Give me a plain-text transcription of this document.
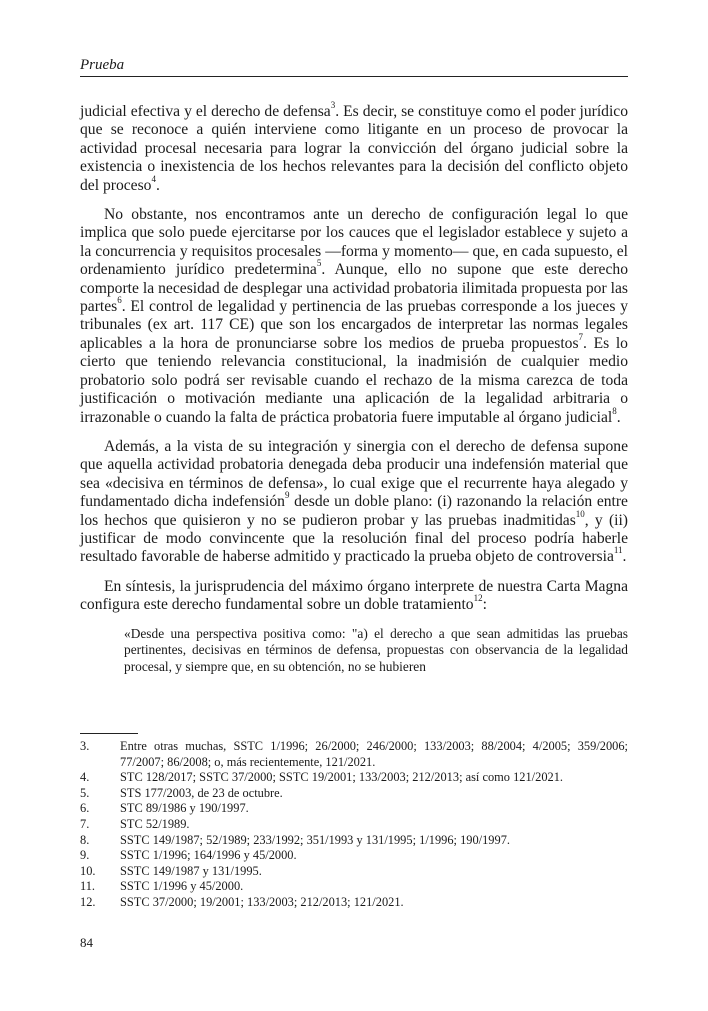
Prueba

judicial efectiva y el derecho de defensa$^3$. Es decir, se constituye como el poder jurídico que se reconoce a quién interviene como litigante en un proceso de provocar la actividad procesal necesaria para lograr la convicción del órgano judicial sobre la existencia o inexistencia de los hechos relevantes para la decisión del conflicto objeto del proceso$^4$.

No obstante, nos encontramos ante un derecho de configuración legal lo que implica que solo puede ejercitarse por los cauces que el legislador establece y sujeto a la concurrencia y requisitos procesales —forma y momento— que, en cada supuesto, el ordenamiento jurídico predetermina$^5$. Aunque, ello no supone que este derecho comporte la necesidad de desplegar una actividad probatoria ilimitada propuesta por las partes$^6$. El control de legalidad y pertinencia de las pruebas corresponde a los jueces y tribunales (ex art. 117 CE) que son los encargados de interpretar las normas legales aplicables a la hora de pronunciarse sobre los medios de prueba propuestos$^7$. Es lo cierto que teniendo relevancia constitucional, la inadmisión de cualquier medio probatorio solo podrá ser revisable cuando el rechazo de la misma carezca de toda justificación o motivación mediante una aplicación de la legalidad arbitraria o irrazonable o cuando la falta de práctica probatoria fuere imputable al órgano judicial$^8$.

Además, a la vista de su integración y sinergia con el derecho de defensa supone que aquella actividad probatoria denegada deba producir una indefensión material que sea «decisiva en términos de defensa», lo cual exige que el recurrente haya alegado y fundamentado dicha indefensión$^9$ desde un doble plano: (i) razonando la relación entre los hechos que quisieron y no se pudieron probar y las pruebas inadmitidas$^{10}$, y (ii) justificar de modo convincente que la resolución final del proceso podría haberle resultado favorable de haberse admitido y practicado la prueba objeto de controversia$^{11}$.

En síntesis, la jurisprudencia del máximo órgano interprete de nuestra Carta Magna configura este derecho fundamental sobre un doble tratamiento$^{12}$:

«Desde una perspectiva positiva como: "a) el derecho a que sean admitidas las pruebas pertinentes, decisivas en términos de defensa, propuestas con observancia de la legalidad procesal, y siempre que, en su obtención, no se hubieren

3.	Entre otras muchas, SSTC 1/1996; 26/2000; 246/2000; 133/2003; 88/2004; 4/2005; 359/2006; 77/2007; 86/2008; o, más recientemente, 121/2021.
4.	STC 128/2017; SSTC 37/2000; SSTC 19/2001; 133/2003; 212/2013; así como 121/2021.
5.	STS 177/2003, de 23 de octubre.
6.	STC 89/1986 y 190/1997.
7.	STC 52/1989.
8.	SSTC 149/1987; 52/1989; 233/1992; 351/1993 y 131/1995; 1/1996; 190/1997.
9.	SSTC 1/1996; 164/1996 y 45/2000.
10.	SSTC 149/1987 y 131/1995.
11.	SSTC 1/1996 y 45/2000.
12.	SSTC 37/2000; 19/2001; 133/2003; 212/2013; 121/2021.
84
